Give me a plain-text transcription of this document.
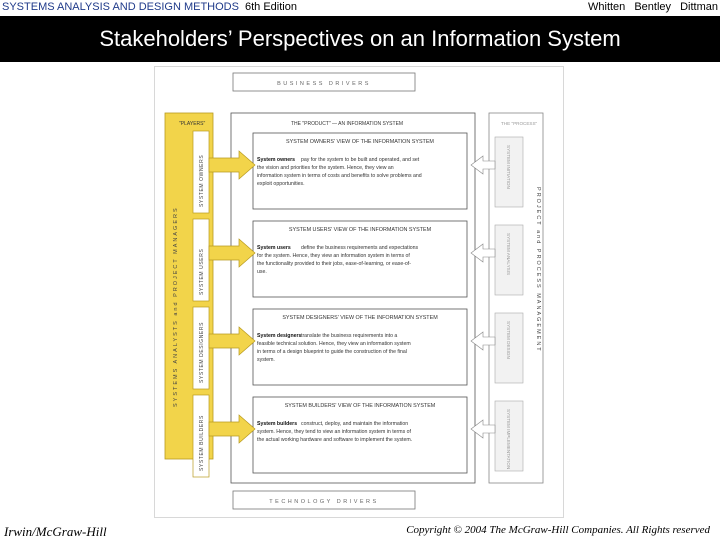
SYSTEMS ANALYSIS AND DESIGN METHODS 6th Edition	Whitten Bentley Dittman
Stakeholders’ Perspectives on an Information System
BUSINESS DRIVERS
TECHNOLOGY DRIVERS
"PLAYERS"
SYSTEMS ANALYSTS and PROJECT MANAGERS
THE "PRODUCT" — AN INFORMATION SYSTEM	THE "PROCESS"
PROJECT and PROCESS MANAGEMENT
SYSTEM OWNERS
SYSTEM OWNERS' VIEW OF THE INFORMATION SYSTEM
System owners pay for the system to be built and operated, and set
the vision and priorities for the system. Hence, they view an
information system in terms of costs and benefits to solve problems and
exploit opportunities.	SYSTEM INITIATION
SYSTEM USERS
SYSTEM USERS' VIEW OF THE INFORMATION SYSTEM
System users define the business requirements and expectations
for the system. Hence, they view an information system in terms of
the functionality provided to their jobs, ease-of-learning, or ease-of-
use.	SYSTEM ANALYSIS
SYSTEM DESIGNERS
SYSTEM DESIGNERS' VIEW OF THE INFORMATION SYSTEM
System designers translate the business requirements into a
feasible technical solution. Hence, they view an information system
in terms of a design blueprint to guide the construction of the final
system.
SYSTEM DESIGN
SYSTEM BUILDERS
SYSTEM BUILDERS' VIEW OF THE INFORMATION SYSTEM
System builders construct, deploy, and maintain the information
system. Hence, they tend to view an information system in terms of
the actual working hardware and software to implement the system.	SYSTEM IMPLEMENTATION
Irwin/McGraw-Hill	Copyright © 2004 The McGraw-Hill Companies. All Rights reserved
